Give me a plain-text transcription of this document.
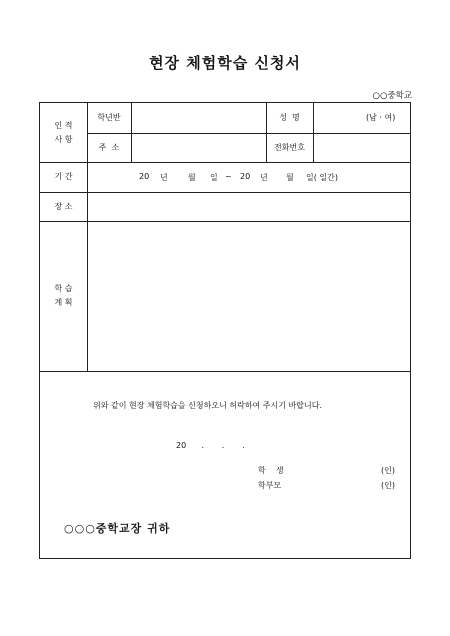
현장 체험학습 신청서
○○중학교
인 적
사 항
학년반	성  명	(남 · 여)
주  소	전화번호
기 간	20 년	월 일 ~ 20 년 월 일( 일간)
장 소
학 습
계 획
위와 같이 현장 체험학습을 신청하오니 허락하여 주시기 바랍니다.
20      .       .       .
학    생	(인)
학부모	(인)
○○○중학교장 귀하
